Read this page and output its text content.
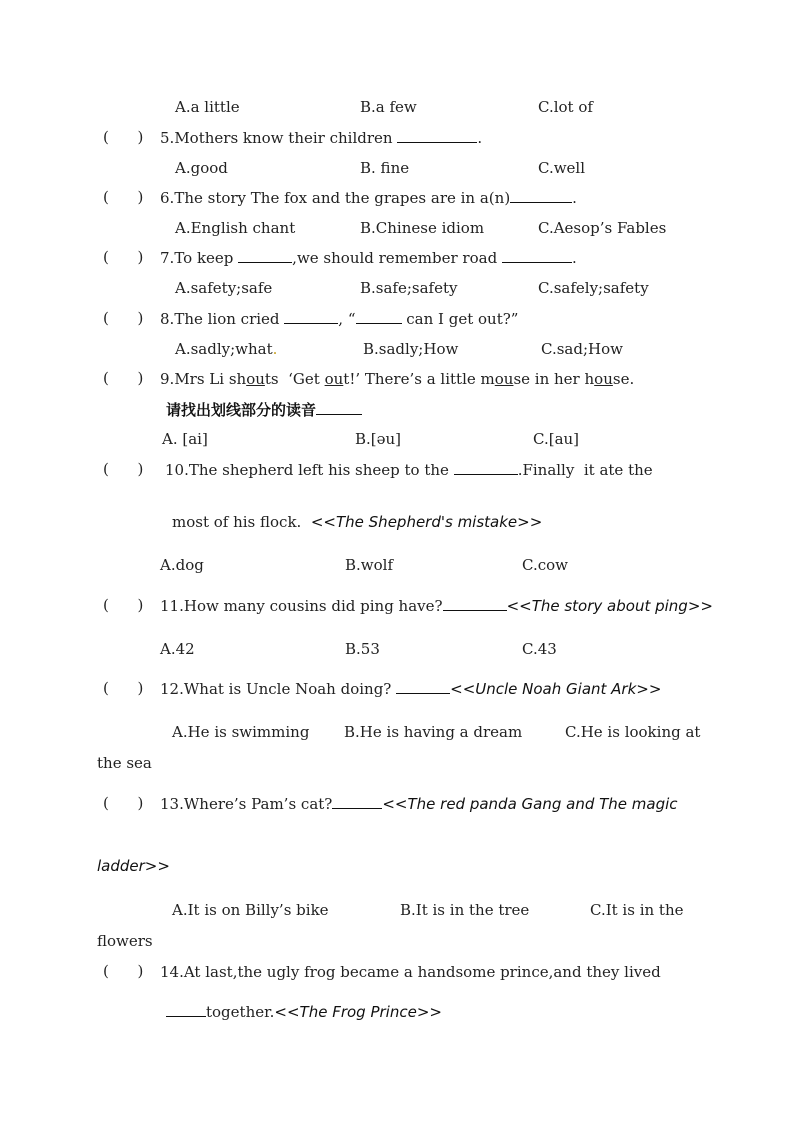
A.a little	B.a few	C.lot of
(      ) 5.Mothers know their children	.
A.good	B. fine	C.well
(      ) 6.The story The fox and the grapes are in a(n)	.
A.English chant	B.Chinese idiom	C.Aesop’s Fables
(      ) 7.To keep	,we should remember road	.
A.safety;safe	B.safe;safety	C.safely;safety
(      ) 8.The lion cried	, “	can I get out?”
A.sadly;what.	B.sadly;How	C.sad;How
(      ) 9.Mrs Li shouts  ‘Get out!’ There’s a little mouse in her house.
请找出划线部分的读音
A. [ai]	B.[əu]	C.[au]
(      ) 10.The shepherd left his sheep to the	.Finally  it ate the
most of his flock.  <<The Shepherd's mistake>>
A.dog	B.wolf	C.cow
(      ) 11.How many cousins did ping have?	<<The story about ping>>
A.42	B.53	C.43
(      ) 12.What is Uncle Noah doing?	<<Uncle Noah Giant Ark>>
A.He is swimming B.He is having a dream	C.He is looking at
the sea
(      ) 13.Where’s Pam’s cat?	<<The red panda Gang and The magic
ladder>>
A.It is on Billy’s bike	B.It is in the tree	C.It is in the
flowers
(      ) 14.At last,the ugly frog became a handsome prince,and they lived
together.<<The Frog Prince>>
